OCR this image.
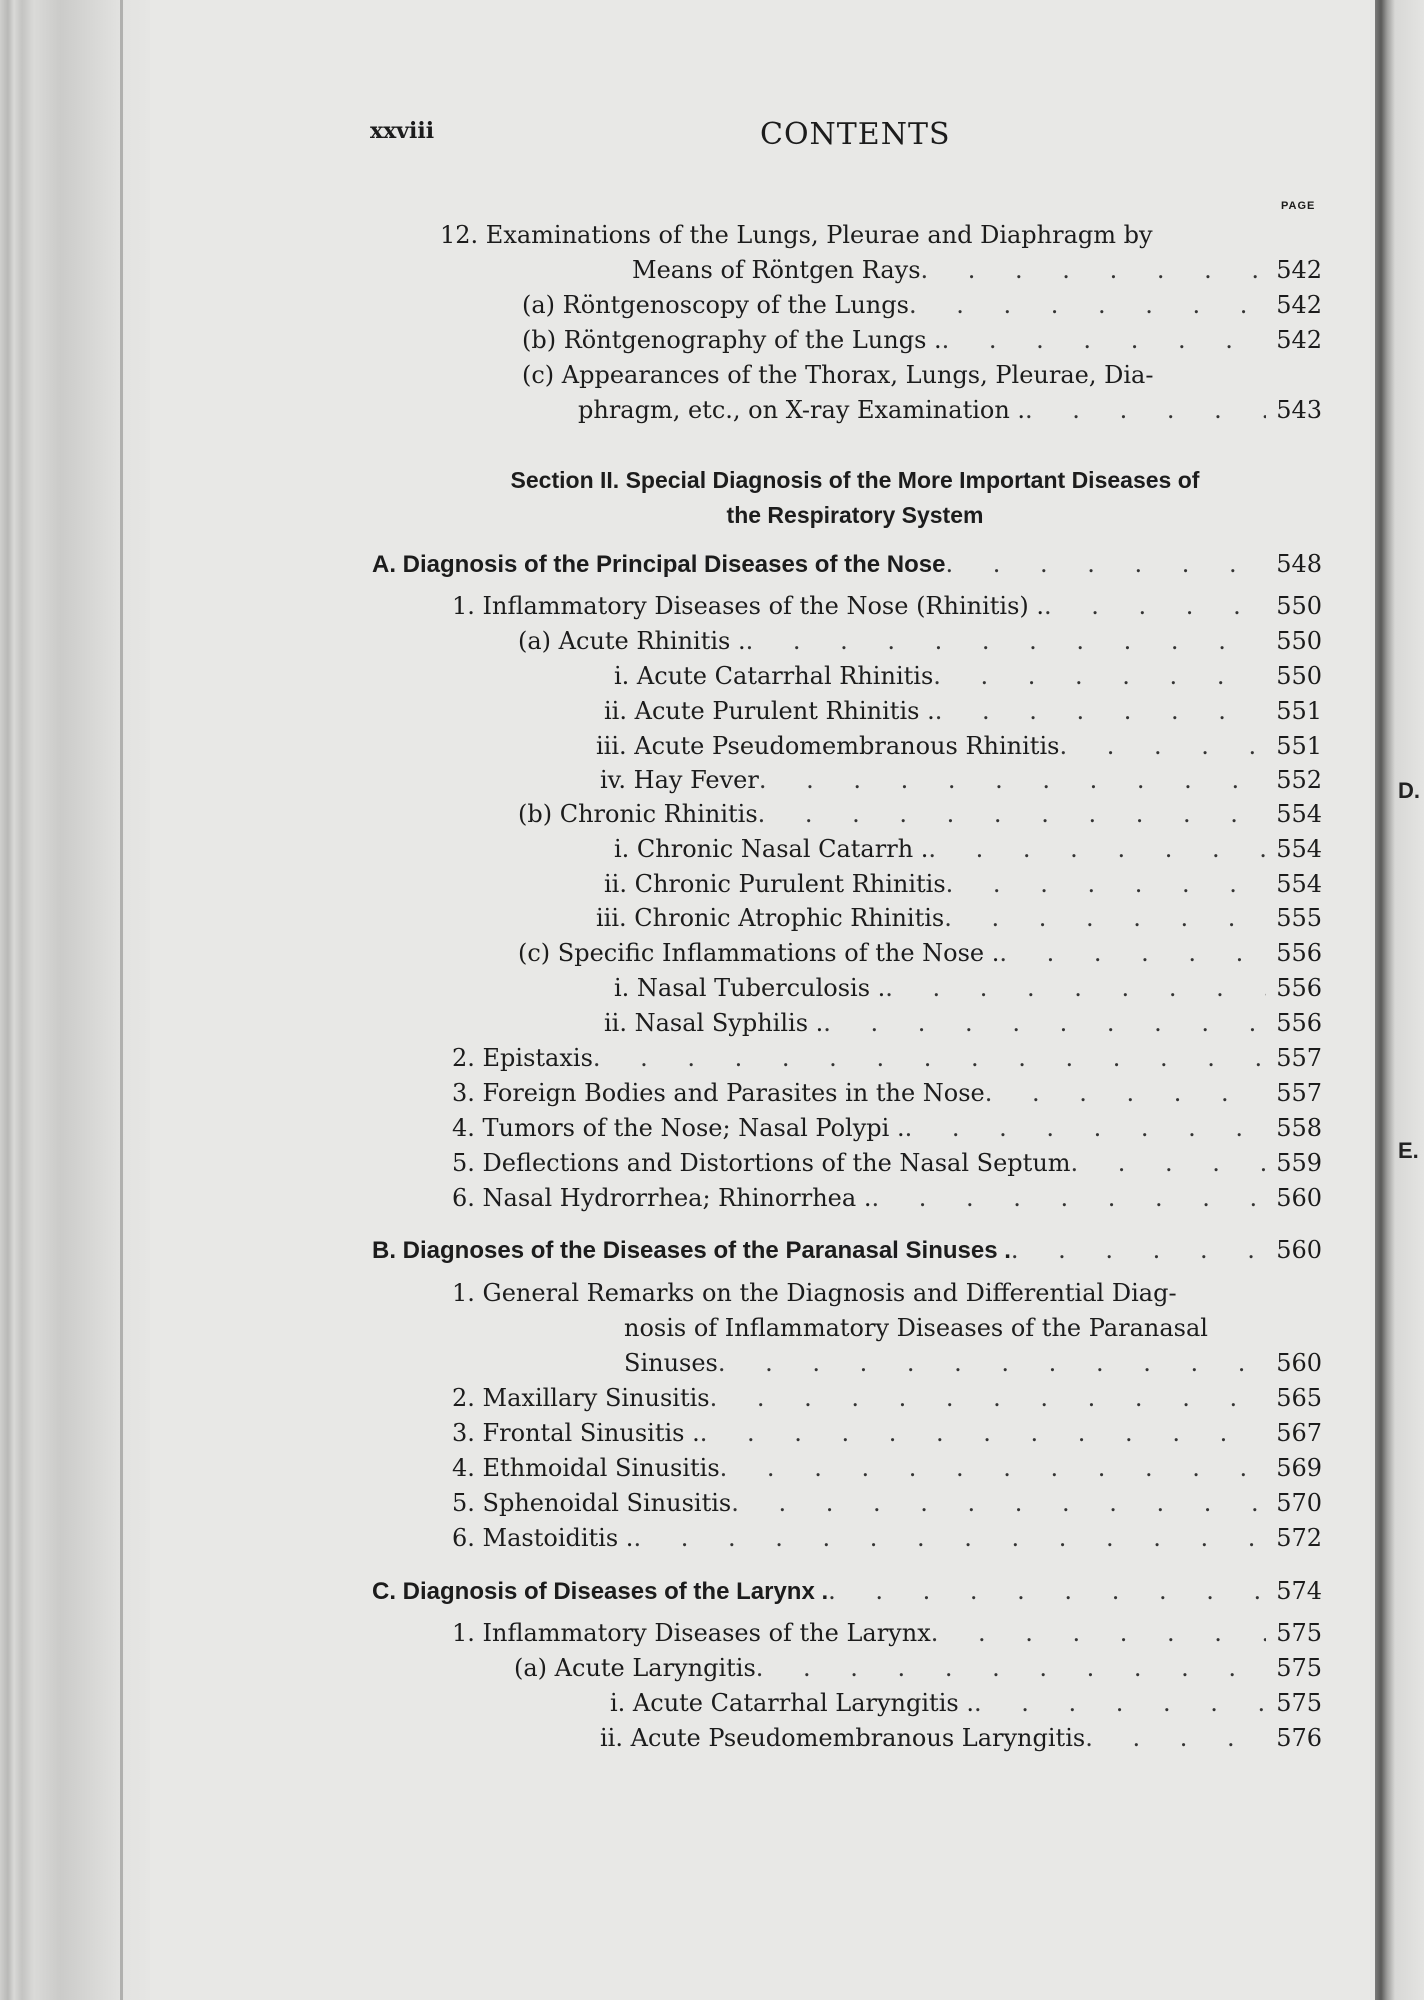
D.
E.
xxviii	CONTENTS
PAGE
12. Examinations of the Lungs, Pleurae and Diaphragm by
Means of Röntgen Rays . . .	542
(a) Röntgenoscopy of the Lungs . . .	542
(b) Röntgenography of the Lungs . . . .	542
(c) Appearances of the Thorax, Lungs, Pleurae, Dia-
phragm, etc., on X-ray Examination . . . .	543
Section II. Special Diagnosis of the More Important Diseases of
the Respiratory System
A. Diagnosis of the Principal Diseases of the Nose . . .	548
1. Inflammatory Diseases of the Nose (Rhinitis) . . . .	550
(a) Acute Rhinitis . . . .	550
i. Acute Catarrhal Rhinitis . . .	550
ii. Acute Purulent Rhinitis . . . .	551
iii. Acute Pseudomembranous Rhinitis . . .	551
iv. Hay Fever . . .	552
(b) Chronic Rhinitis . . .	554
i. Chronic Nasal Catarrh . . . .	554
ii. Chronic Purulent Rhinitis . . .	554
iii. Chronic Atrophic Rhinitis . . .	555
(c) Specific Inflammations of the Nose . . . .	556
i. Nasal Tuberculosis . . . .	556
ii. Nasal Syphilis . . . .	556
2. Epistaxis . . .	557
3. Foreign Bodies and Parasites in the Nose . . .	557
4. Tumors of the Nose; Nasal Polypi . . . .	558
5. Deflections and Distortions of the Nasal Septum . . .	559
6. Nasal Hydrorrhea; Rhinorrhea . . . .	560
B. Diagnoses of the Diseases of the Paranasal Sinuses . . . .	560
1. General Remarks on the Diagnosis and Differential Diag-
nosis of Inflammatory Diseases of the Paranasal
Sinuses . . .	560
2. Maxillary Sinusitis . . .	565
3. Frontal Sinusitis . . . .	567
4. Ethmoidal Sinusitis . . .	569
5. Sphenoidal Sinusitis . . .	570
6. Mastoiditis . . . .	572
C. Diagnosis of Diseases of the Larynx . . . .	574
1. Inflammatory Diseases of the Larynx . . .	575
(a) Acute Laryngitis . . .	575
i. Acute Catarrhal Laryngitis . . . .	575
ii. Acute Pseudomembranous Laryngitis . . .	576
